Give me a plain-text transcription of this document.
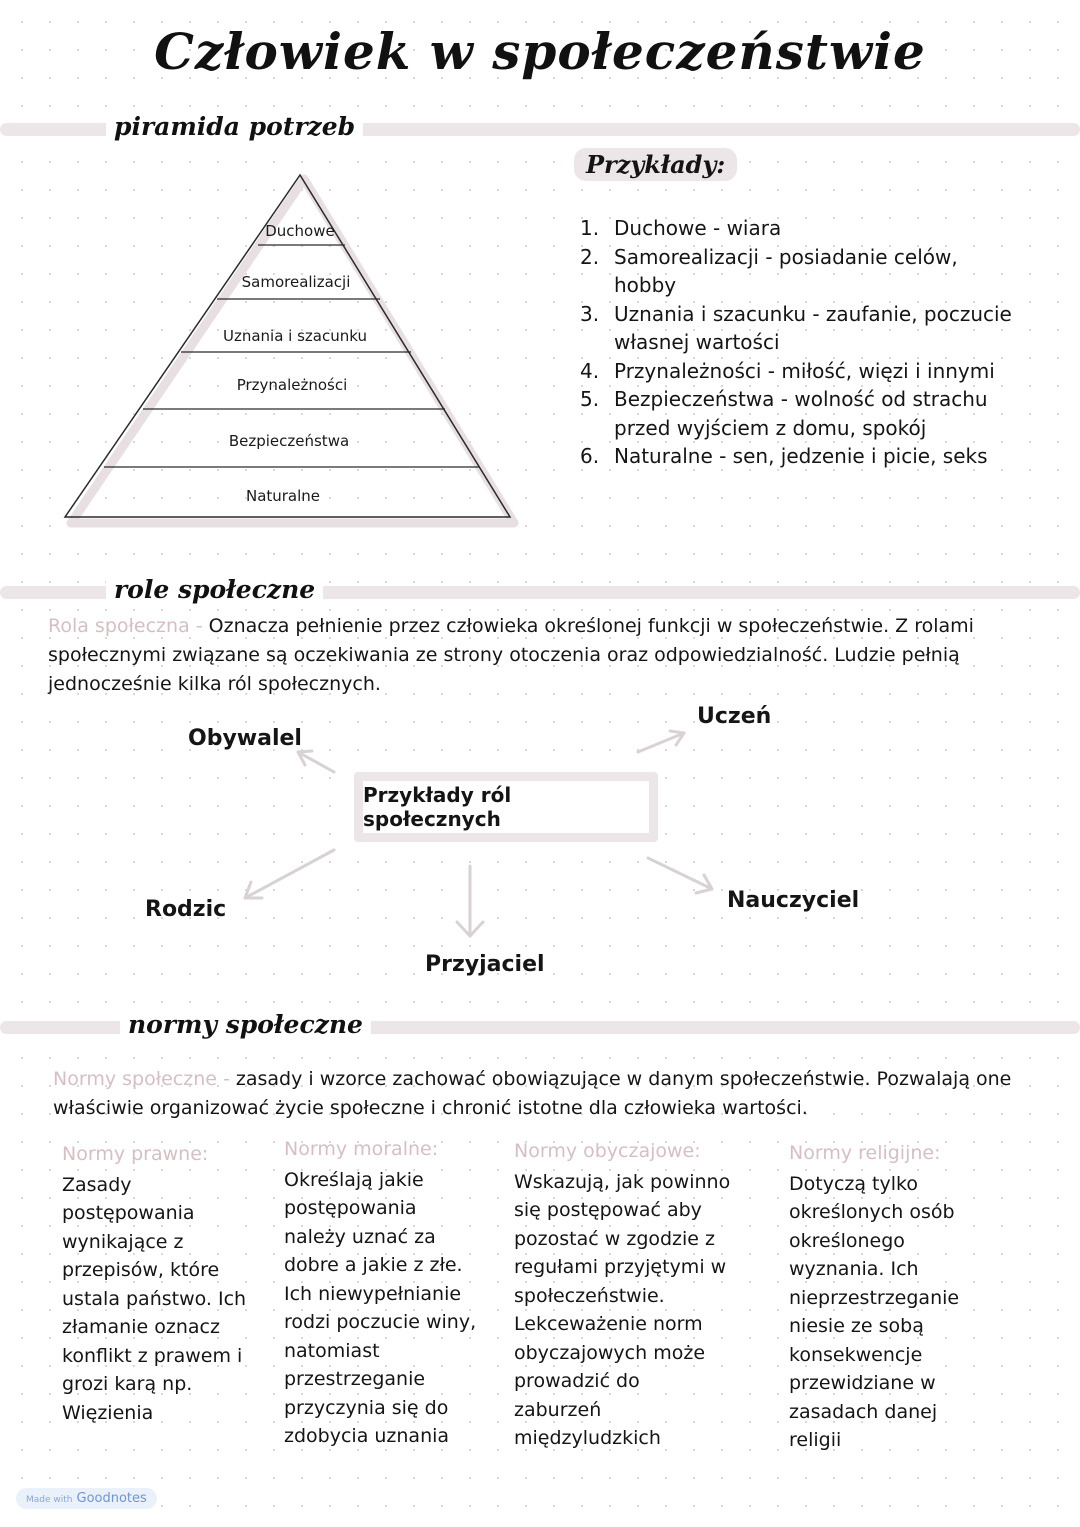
Człowiek w społeczeństwie
piramida potrzeb
Duchowe
Samorealizacji
Uznania i szacunku
Przynależności
Bezpieczeństwa
Naturalne
Przykłady:
1. Duchowe - wiara
2. Samorealizacji - posiadanie celów, hobby
3. Uznania i szacunku - zaufanie, poczucie własnej wartości
4. Przynależności - miłość, więzi i innymi
5. Bezpieczeństwa - wolność od strachu przed wyjściem z domu, spokój
6. Naturalne - sen, jedzenie i picie, seks
role społeczne
Rola społeczna - Oznacza pełnienie przez człowieka określonej funkcji w społeczeństwie. Z rolami społecznymi związane są oczekiwania ze strony otoczenia oraz odpowiedzialność. Ludzie pełnią jednocześnie kilka ról społecznych.
Przykłady ról społecznych
Obywalel
Uczeń
Rodzic	Nauczyciel
Przyjaciel
normy społeczne
Normy społeczne - zasady i wzorce zachować obowiązujące w danym społeczeństwie. Pozwalają one właściwie organizować życie społeczne i chronić istotne dla człowieka wartości.
Normy prawne:
Zasady postępowania wynikające z przepisów, które ustala państwo. Ich złamanie oznacz konflikt z prawem i grozi karą np. Więzienia
Normy moralne:
Określają jakie postępowania należy uznać za dobre a jakie z złe. Ich niewypełnianie rodzi poczucie winy, natomiast przestrzeganie przyczynia się do zdobycia uznania
Normy obyczajowe:
Wskazują, jak powinno się postępować aby pozostać w zgodzie z regułami przyjętymi w społeczeństwie. Lekceważenie norm obyczajowych może prowadzić do zaburzeń międzyludzkich
Normy religijne:
Dotyczą tylko określonych osób określonego wyznania. Ich nieprzestrzeganie niesie ze sobą konsekwencje przewidziane w zasadach danej religii
Made with Goodnotes
